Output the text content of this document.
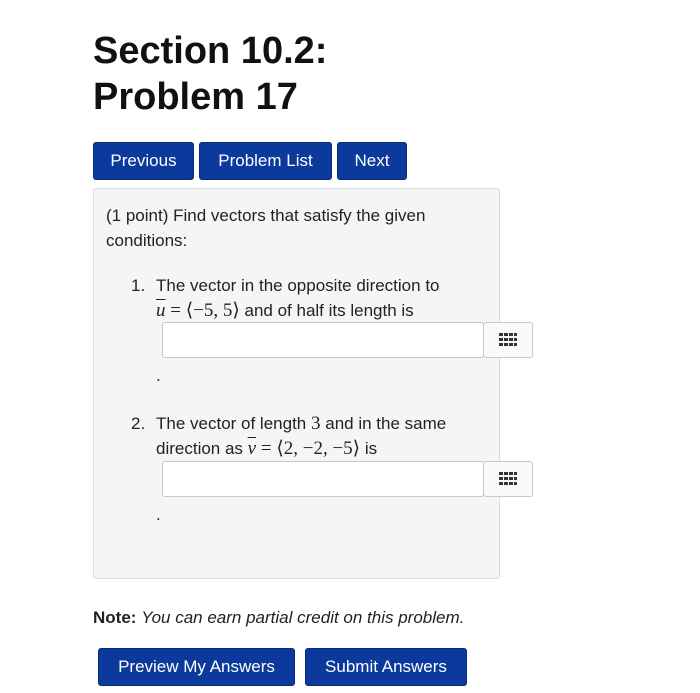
Section 10.2:
Problem 17
Previous	Problem List	Next
(1 point) Find vectors that satisfy the given conditions:
1. The vector in the opposite direction to
$\overline{u}$ = ⟨−5, 5⟩ and of half its length is
.
2. The vector of length 3 and in the same direction as $\overline{v}$ = ⟨2, −2, −5⟩ is
.
Note: You can earn partial credit on this problem.
Preview My Answers	Submit Answers
